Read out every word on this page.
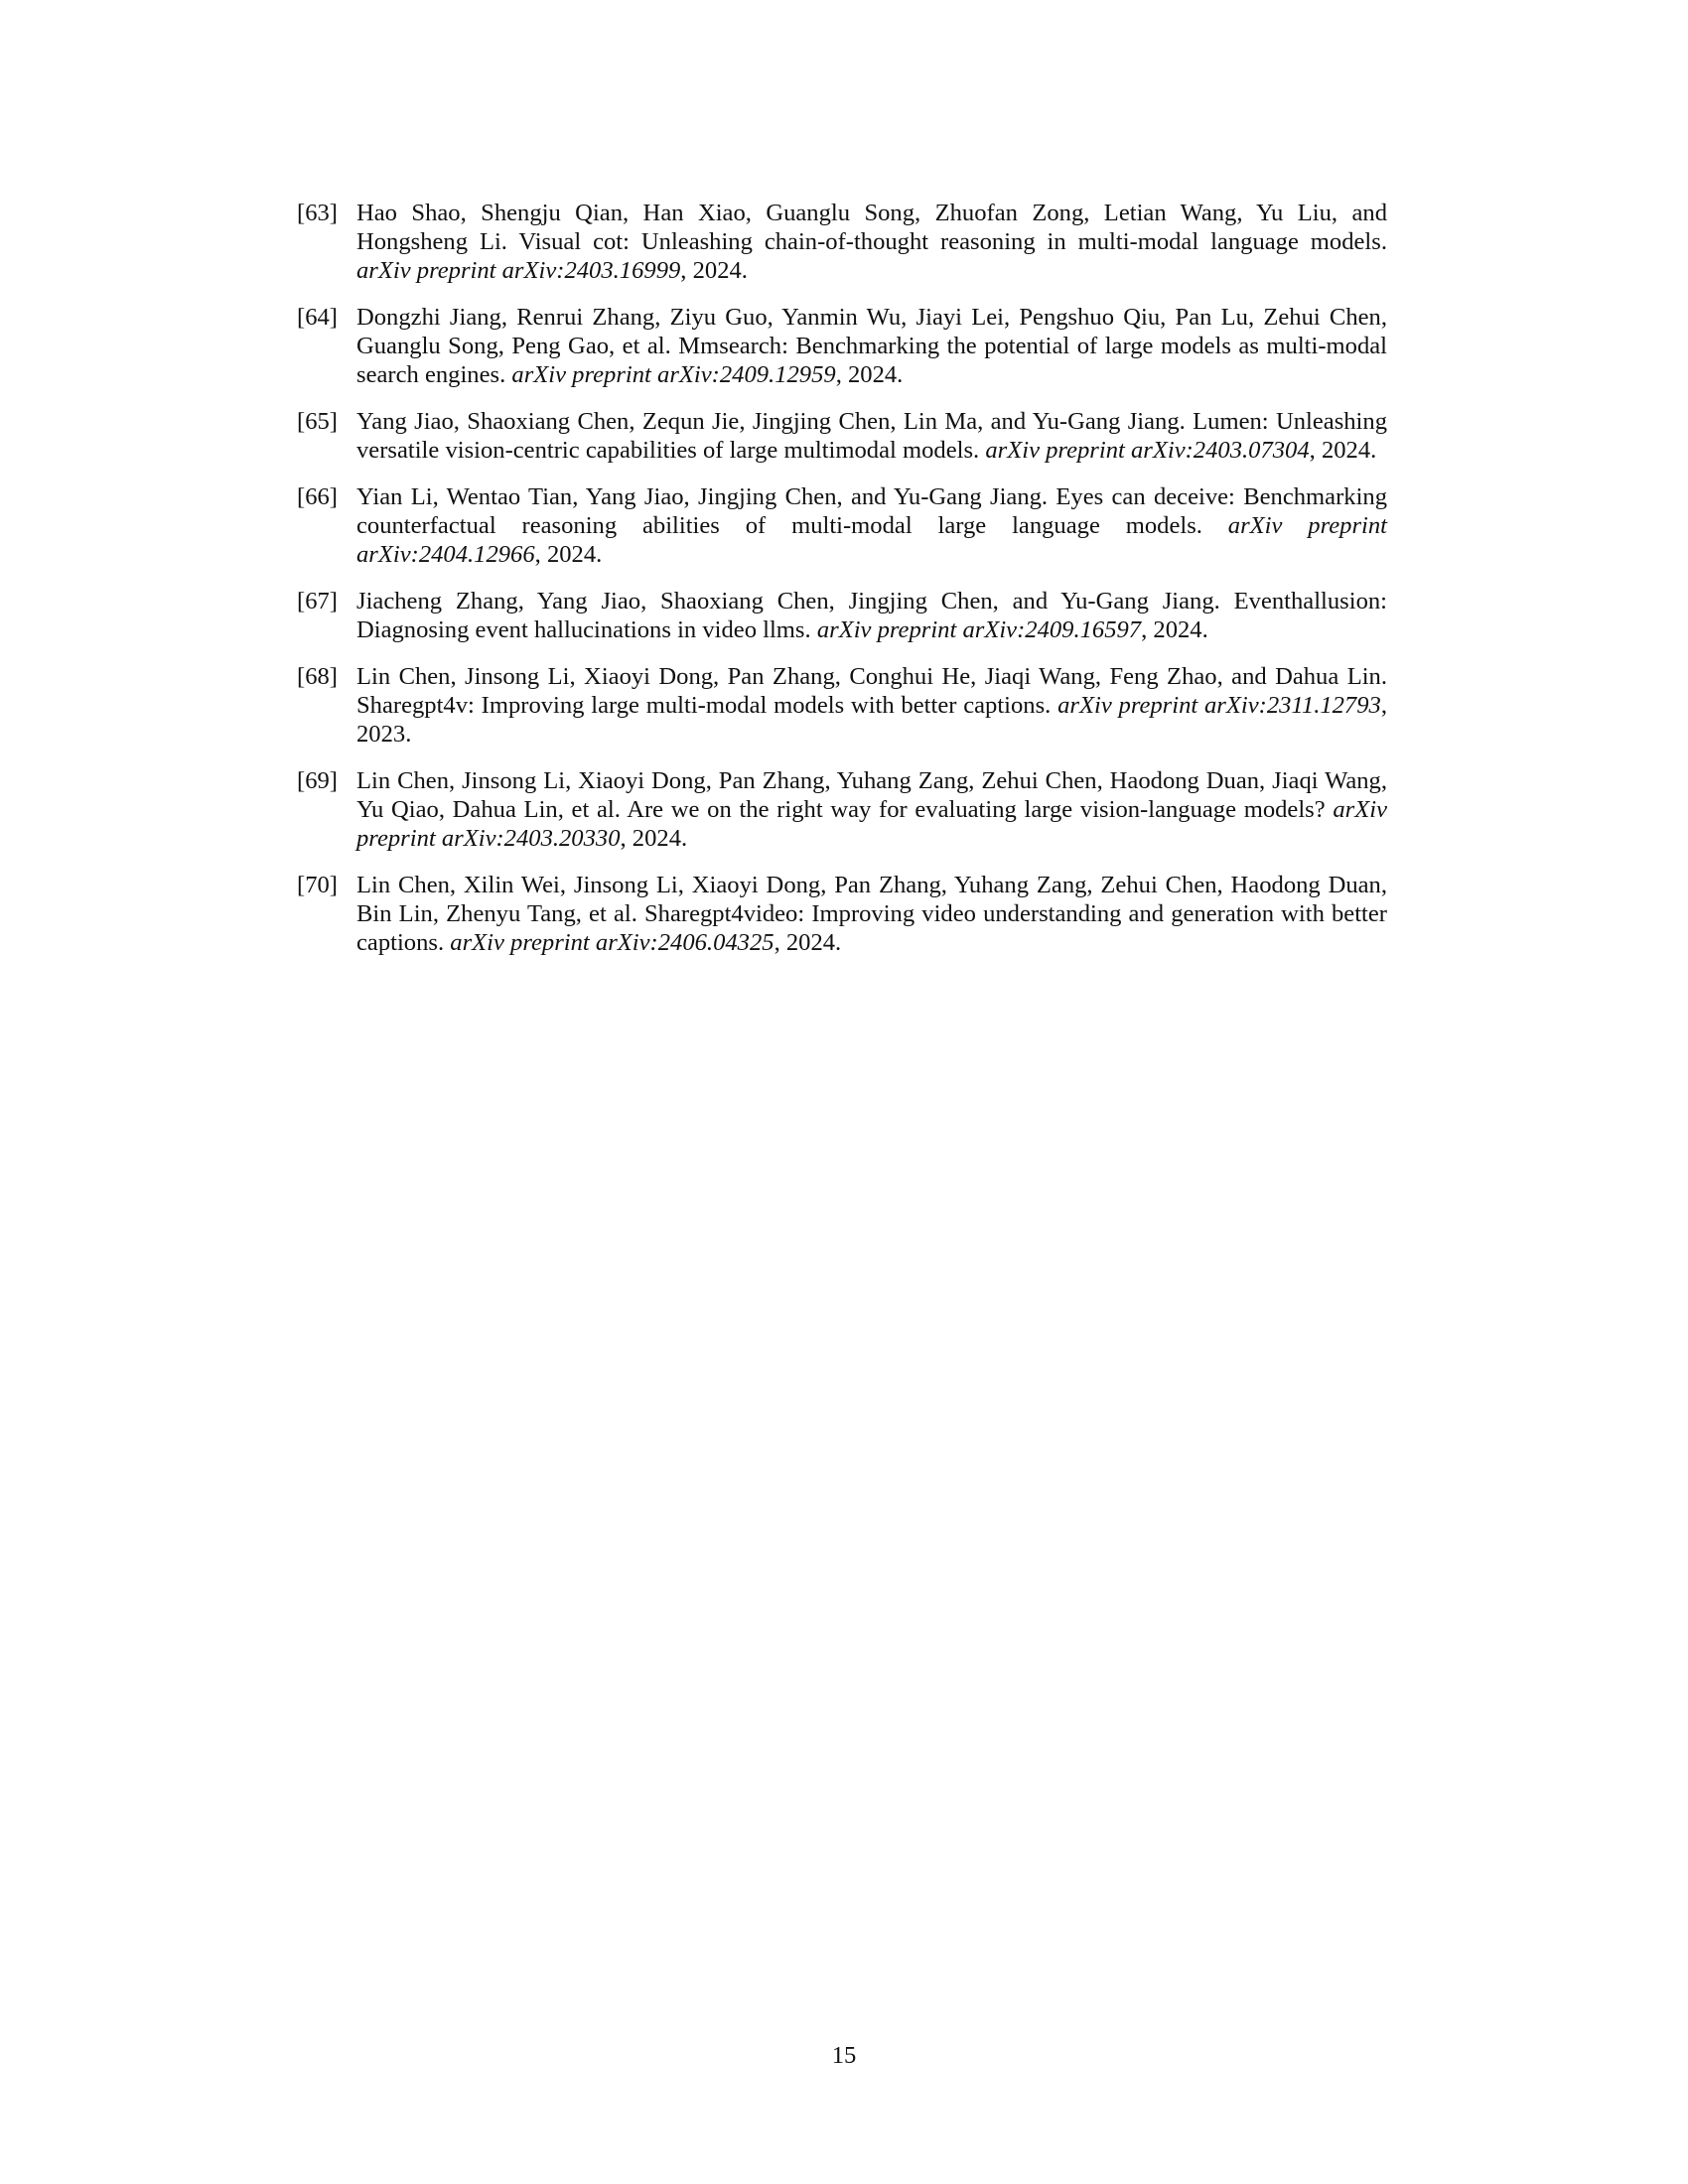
[63] Hao Shao, Shengju Qian, Han Xiao, Guanglu Song, Zhuofan Zong, Letian Wang, Yu Liu, and Hongsheng Li. Visual cot: Unleashing chain-of-thought reasoning in multi-modal language models. arXiv preprint arXiv:2403.16999, 2024.
[64] Dongzhi Jiang, Renrui Zhang, Ziyu Guo, Yanmin Wu, Jiayi Lei, Pengshuo Qiu, Pan Lu, Zehui Chen, Guanglu Song, Peng Gao, et al. Mmsearch: Benchmarking the potential of large models as multi-modal search engines. arXiv preprint arXiv:2409.12959, 2024.
[65] Yang Jiao, Shaoxiang Chen, Zequn Jie, Jingjing Chen, Lin Ma, and Yu-Gang Jiang. Lumen: Unleashing versatile vision-centric capabilities of large multimodal models. arXiv preprint arXiv:2403.07304, 2024.
[66] Yian Li, Wentao Tian, Yang Jiao, Jingjing Chen, and Yu-Gang Jiang. Eyes can deceive: Benchmarking counterfactual reasoning abilities of multi-modal large language models. arXiv preprint arXiv:2404.12966, 2024.
[67] Jiacheng Zhang, Yang Jiao, Shaoxiang Chen, Jingjing Chen, and Yu-Gang Jiang. Eventhallusion: Diagnosing event hallucinations in video llms. arXiv preprint arXiv:2409.16597, 2024.
[68] Lin Chen, Jinsong Li, Xiaoyi Dong, Pan Zhang, Conghui He, Jiaqi Wang, Feng Zhao, and Dahua Lin. Sharegpt4v: Improving large multi-modal models with better captions. arXiv preprint arXiv:2311.12793, 2023.
[69] Lin Chen, Jinsong Li, Xiaoyi Dong, Pan Zhang, Yuhang Zang, Zehui Chen, Haodong Duan, Jiaqi Wang, Yu Qiao, Dahua Lin, et al. Are we on the right way for evaluating large vision-language models? arXiv preprint arXiv:2403.20330, 2024.
[70] Lin Chen, Xilin Wei, Jinsong Li, Xiaoyi Dong, Pan Zhang, Yuhang Zang, Zehui Chen, Haodong Duan, Bin Lin, Zhenyu Tang, et al. Sharegpt4video: Improving video understanding and generation with better captions. arXiv preprint arXiv:2406.04325, 2024.
15
